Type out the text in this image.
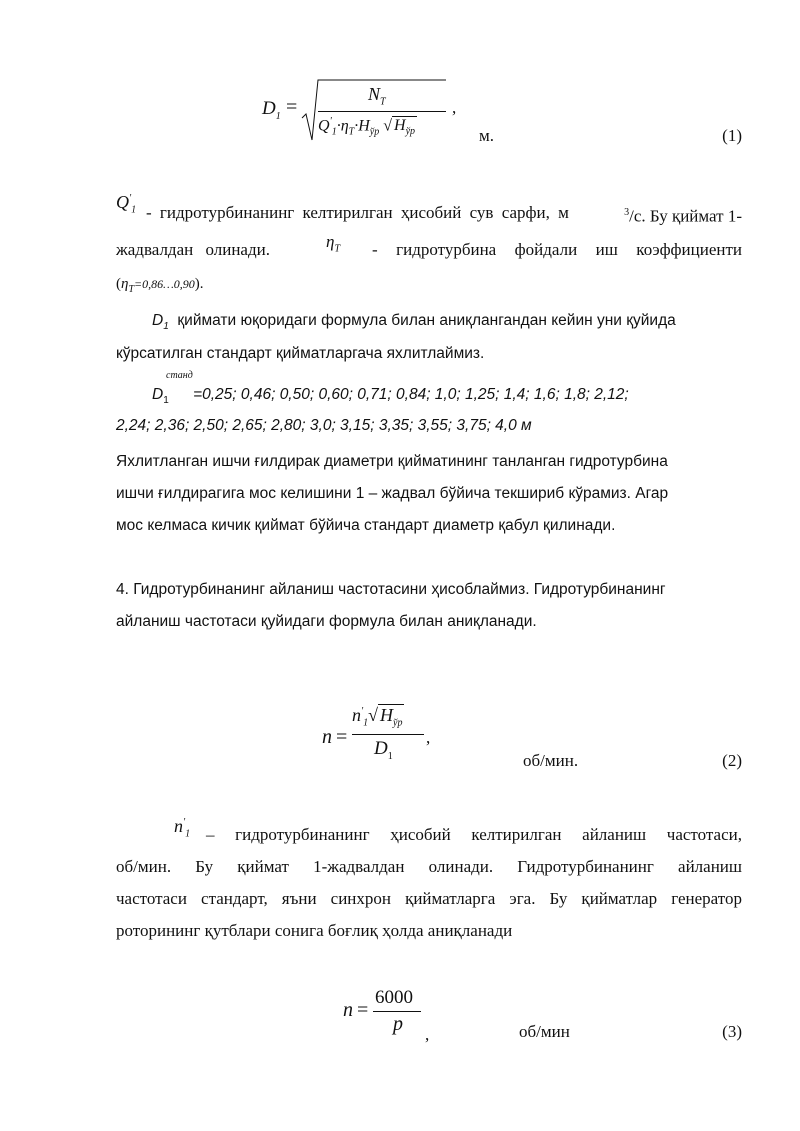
$D_1$ =
$N_T$
$Q'_1\cdot\eta_T\cdot H_{ўр}$ √ $H_{ўр}$
,
м.	(1)
$Q'_1$ - гидротурбинанинг келтирилган ҳисобий сув сарфи, м	$^3$/с. Бу қиймат 1-
жадвалдан олинади.	$\eta_T$ - гидротурбина фойдали иш коэффициенти
$(\eta_T=0,86\dots 0,90)$.
$D_1$ қиймати юқоридаги формула билан аниқлангандан кейин уни қуйида
кўрсатилган стандарт қийматларгача яхлитлаймиз.
станд
$D_1 =0,25$; 0,46; 0,50; 0,60; 0,71; 0,84; 1,0; 1,25; 1,4; 1,6; 1,8; 2,12;
2,24; 2,36; 2,50; 2,65; 2,80; 3,0; 3,15; 3,35; 3,55; 3,75; 4,0 м
Яхлитланган ишчи ғилдирак диаметри қийматининг танланган гидротурбина
ишчи ғилдирагига мос келишини 1 – жадвал бўйича текшириб кўрамиз. Агар
мос келмаса кичик қиймат бўйича стандарт диаметр қабул қилинади.
4. Гидротурбинанинг айланиш частотасини ҳисоблаймиз. Гидротурбинанинг
айланиш частотаси қуйидаги формула билан аниқланади.
n =
$n'_1√$ $H_{ўр}$
$D_1$
,
об/мин.	(2)
$n'_1$ – гидротурбинанинг ҳисобий келтирилган айланиш частотаси,
об/мин. Бу қиймат 1-жадвалдан олинади. Гидротурбинанинг айланиш
частотаси стандарт, яъни синхрон қийматларга эга. Бу қийматлар генератор
роторининг қутблари сонига боғлиқ ҳолда аниқланади
n =
6000
p ,	об/мин	(3)
